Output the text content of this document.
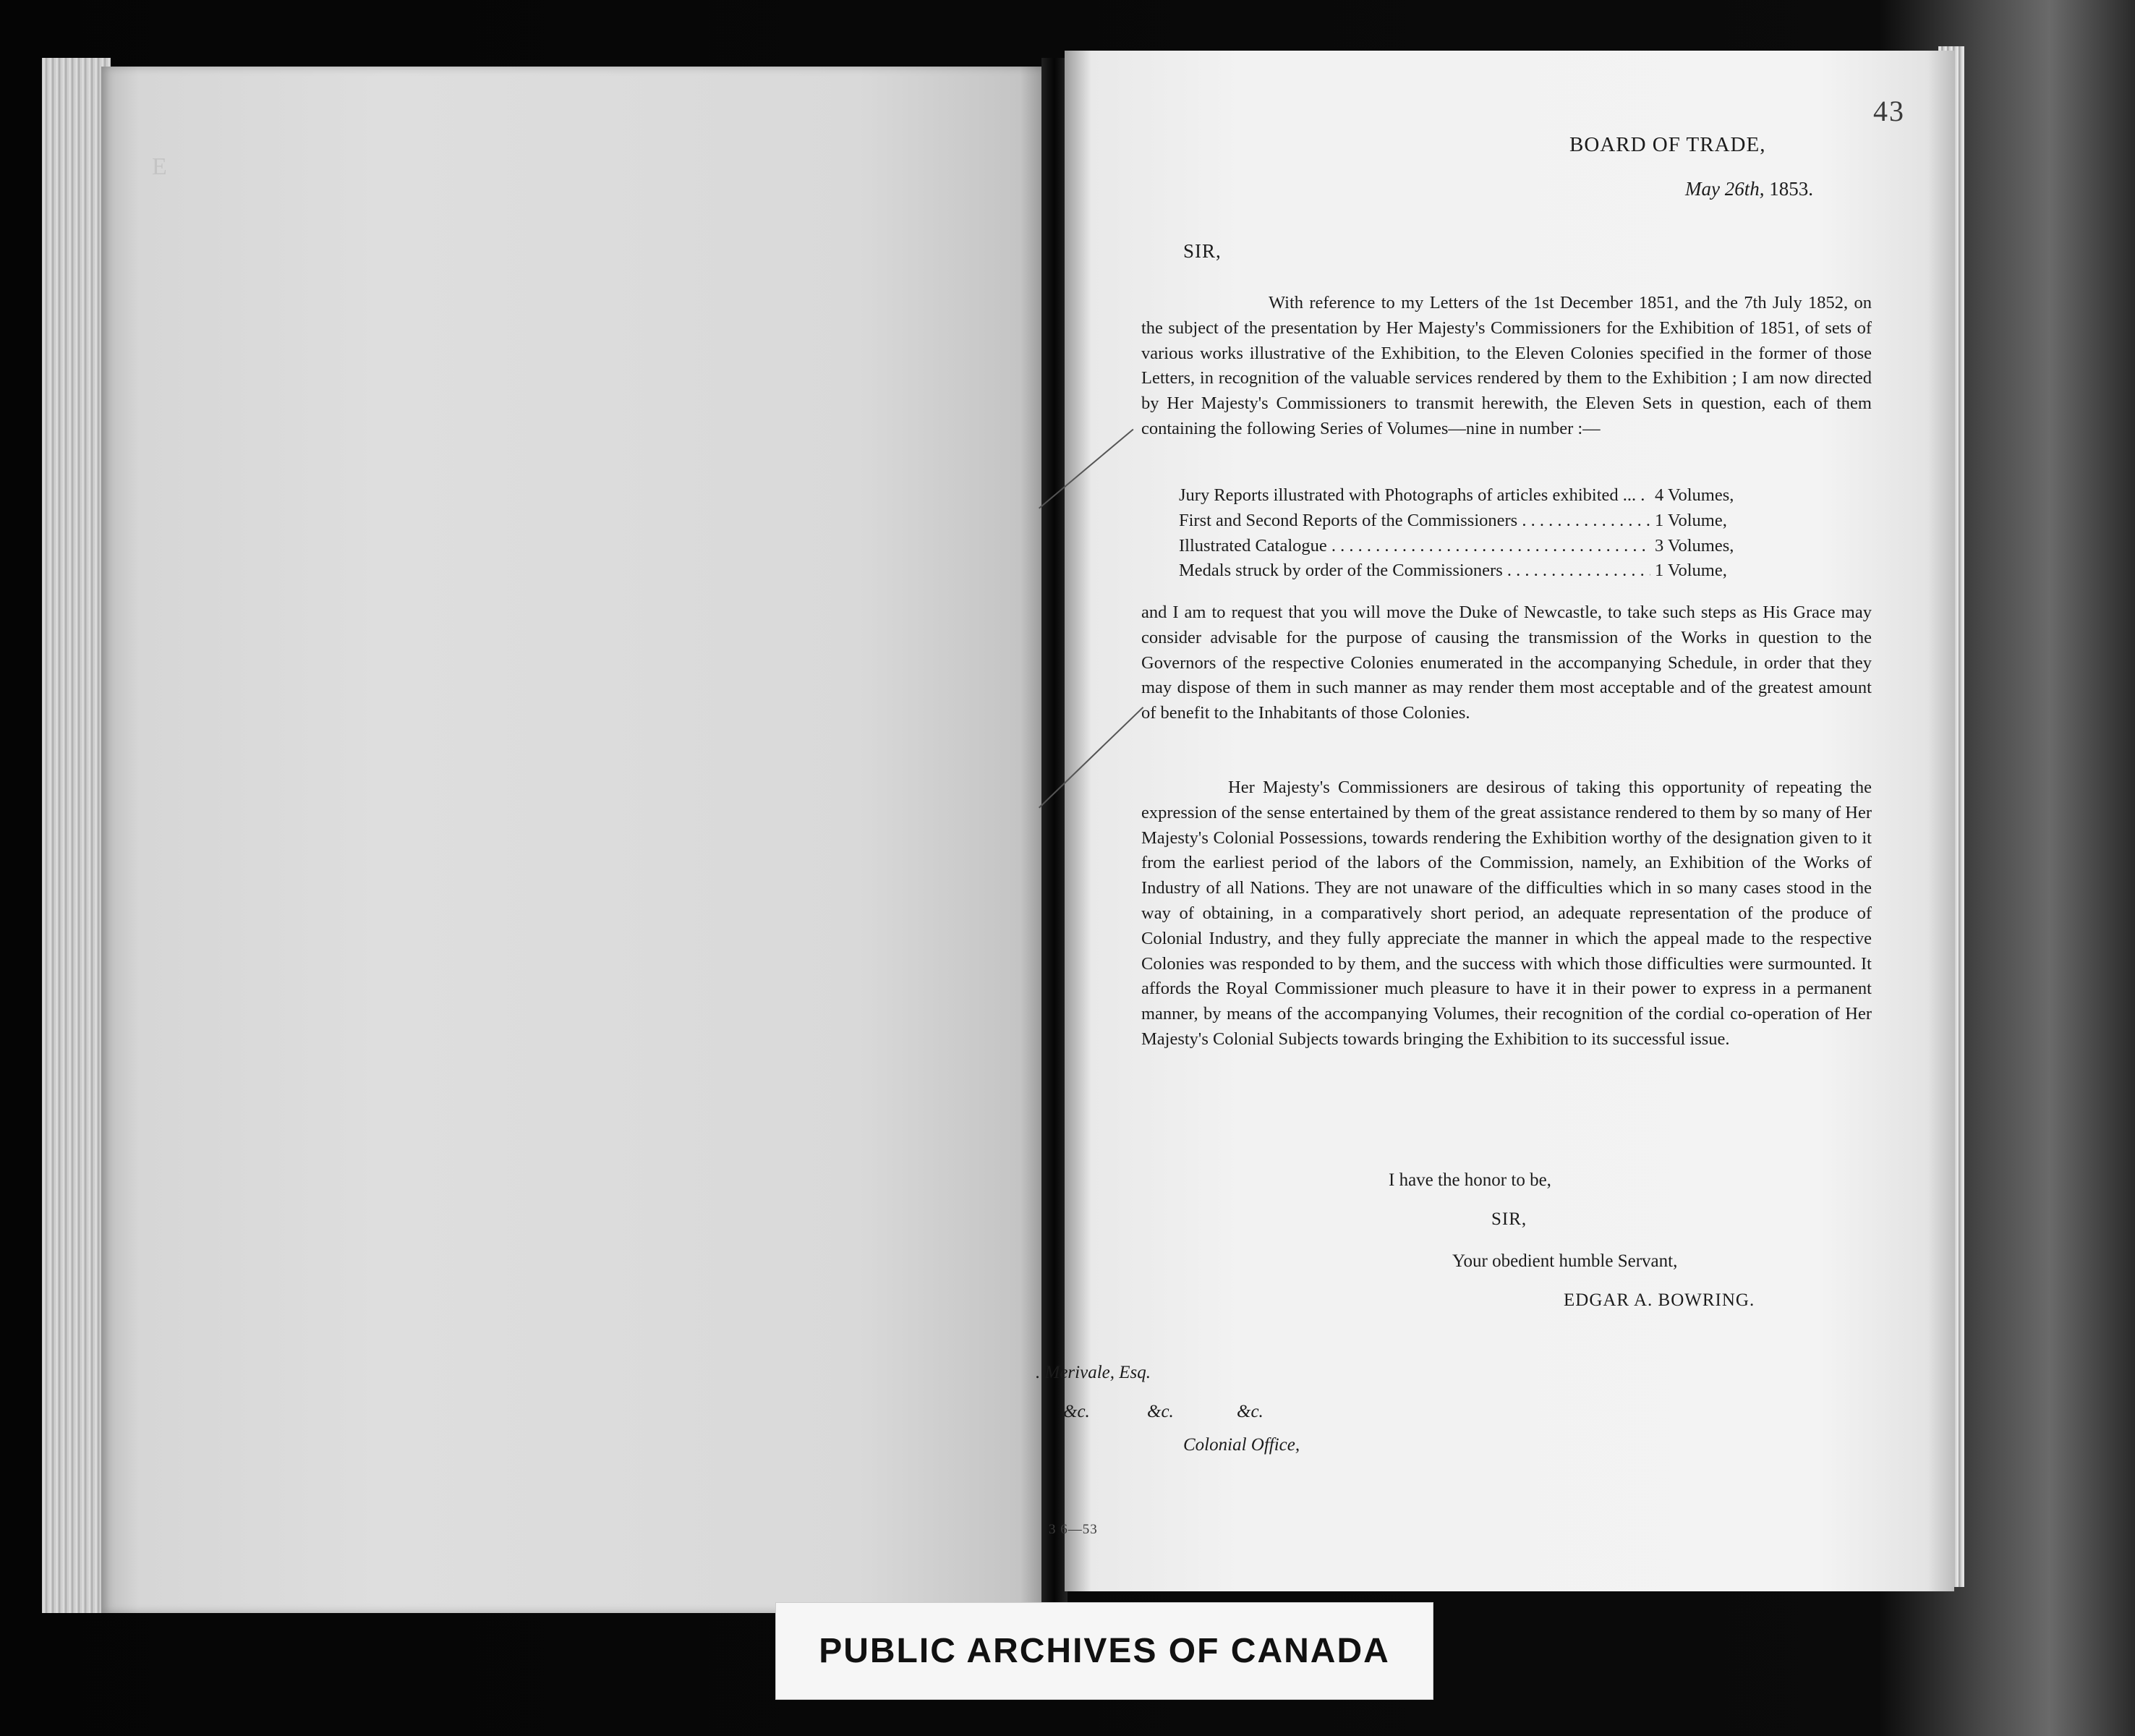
E
43
BOARD OF TRADE,
May 26th, 1853.
SIR,
With reference to my Letters of the 1st December 1851, and the 7th July 1852, on the subject of the presentation by Her Majesty's Commissioners for the Exhibition of 1851, of sets of various works illustrative of the Exhibition, to the Eleven Colonies specified in the former of those Letters, in recognition of the valuable services rendered by them to the Exhibition ; I am now directed by Her Majesty's Commissioners to transmit herewith, the Eleven Sets in question, each of them containing the following Series of Volumes—nine in number :—
Jury Reports illustrated with Photographs of articles exhibited ... . . .	4 Volumes,
First and Second Reports of the Commissioners . . .	1 Volume,
Illustrated Catalogue . . .	3 Volumes,
Medals struck by order of the Commissioners . . .	1 Volume,
and I am to request that you will move the Duke of Newcastle, to take such steps as His Grace may consider advisable for the purpose of causing the transmission of the Works in question to the Governors of the respective Colonies enumerated in the accompanying Schedule, in order that they may dispose of them in such manner as may render them most acceptable and of the greatest amount of benefit to the Inhabitants of those Colonies.
Her Majesty's Commissioners are desirous of taking this opportunity of repeating the expression of the sense entertained by them of the great assistance rendered to them by so many of Her Majesty's Colonial Possessions, towards rendering the Exhibition worthy of the designation given to it from the earliest period of the labors of the Commission, namely, an Exhibition of the Works of Industry of all Nations. They are not unaware of the difficulties which in so many cases stood in the way of obtaining, in a comparatively short period, an adequate representation of the produce of Colonial Industry, and they fully appreciate the manner in which the appeal made to the respective Colonies was responded to by them, and the success with which those difficulties were surmounted. It affords the Royal Commissioner much pleasure to have it in their power to express in a permanent manner, by means of the accompanying Volumes, their recognition of the cordial co-operation of Her Majesty's Colonial Subjects towards bringing the Exhibition to its successful issue.
I have the honor to be,
SIR,
Your obedient humble Servant,
EDGAR A. BOWRING.
. Merivale, Esq.
&c.	&c.	&c.
Colonial Office,
3 6—53
PUBLIC ARCHIVES OF CANADA
